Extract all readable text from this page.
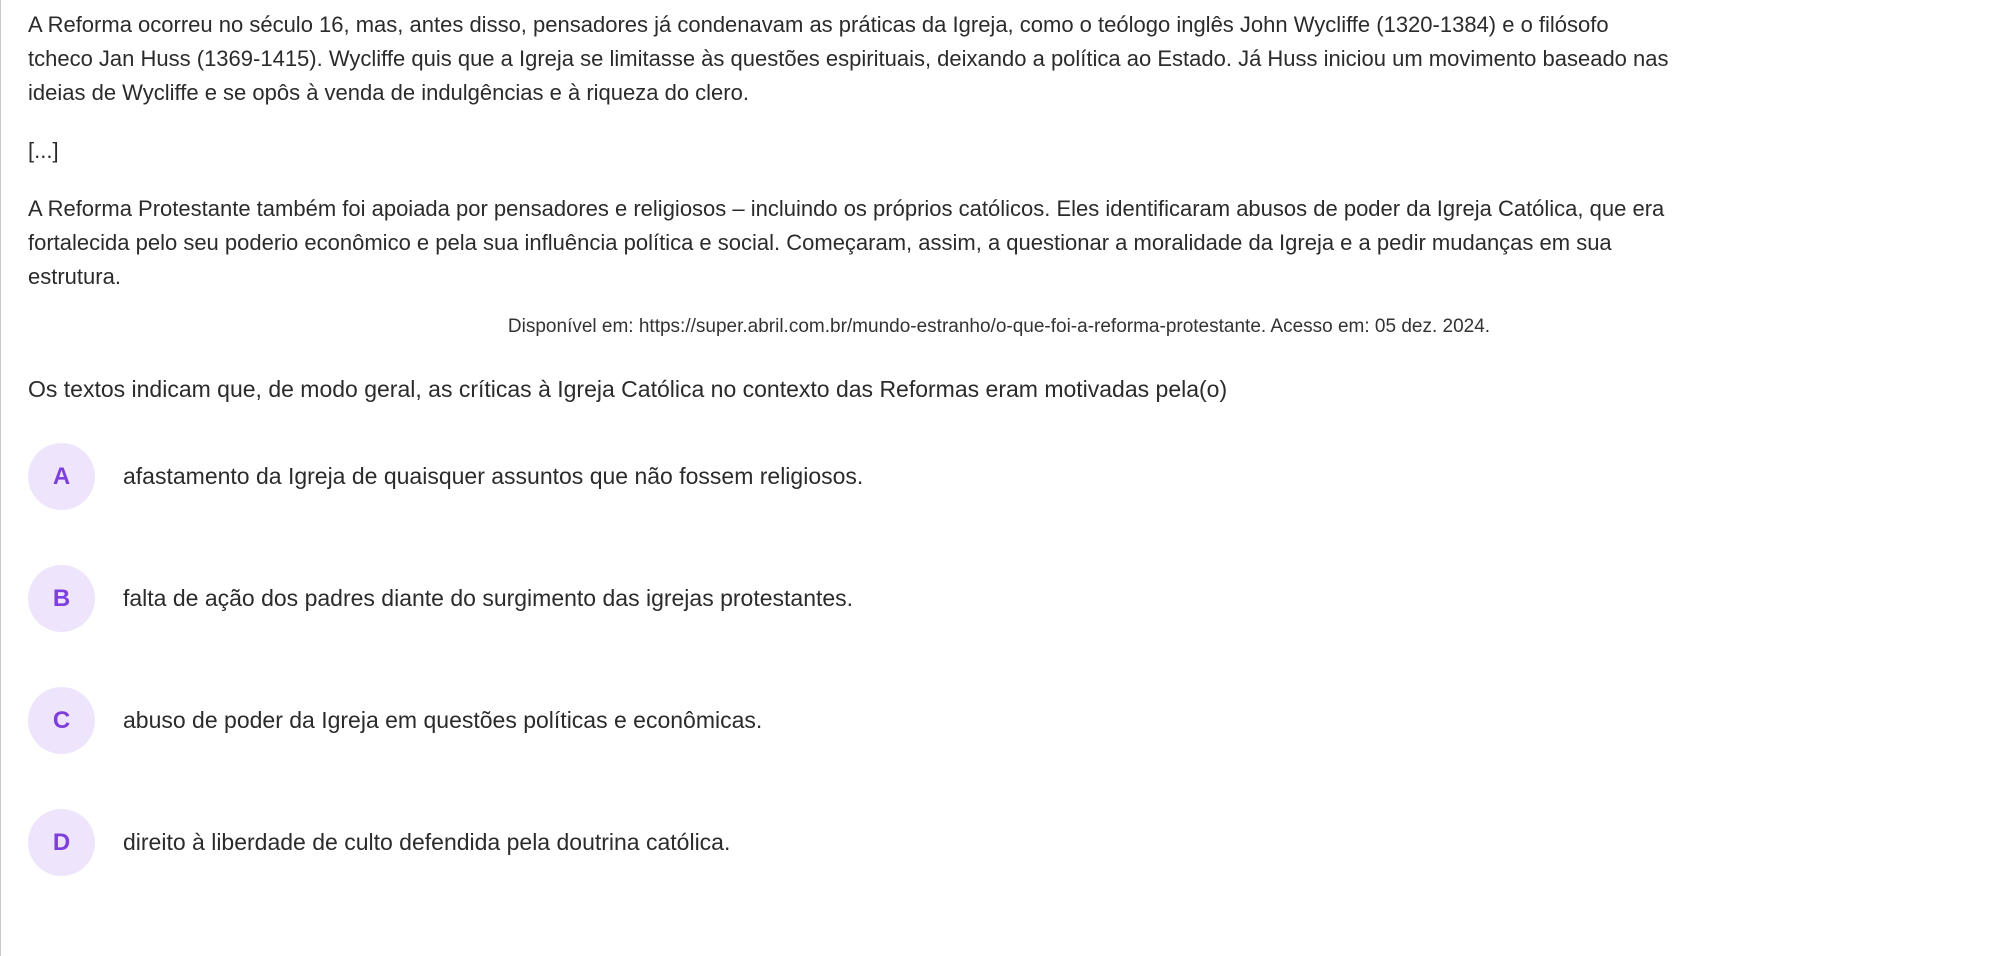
A Reforma ocorreu no século 16, mas, antes disso, pensadores já condenavam as práticas da Igreja, como o teólogo inglês John Wycliffe (1320-1384) e o filósofo
tcheco Jan Huss (1369-1415). Wycliffe quis que a Igreja se limitasse às questões espirituais, deixando a política ao Estado. Já Huss iniciou um movimento baseado nas
ideias de Wycliffe e se opôs à venda de indulgências e à riqueza do clero.

[...]

A Reforma Protestante também foi apoiada por pensadores e religiosos – incluindo os próprios católicos. Eles identificaram abusos de poder da Igreja Católica, que era
fortalecida pelo seu poderio econômico e pela sua influência política e social. Começaram, assim, a questionar a moralidade da Igreja e a pedir mudanças em sua
estrutura.

Disponível em: https://super.abril.com.br/mundo-estranho/o-que-foi-a-reforma-protestante. Acesso em: 05 dez. 2024.
Os textos indicam que, de modo geral, as críticas à Igreja Católica no contexto das Reformas eram motivadas pela(o)
A afastamento da Igreja de quaisquer assuntos que não fossem religiosos.
B falta de ação dos padres diante do surgimento das igrejas protestantes.
C abuso de poder da Igreja em questões políticas e econômicas.
D direito à liberdade de culto defendida pela doutrina católica.
